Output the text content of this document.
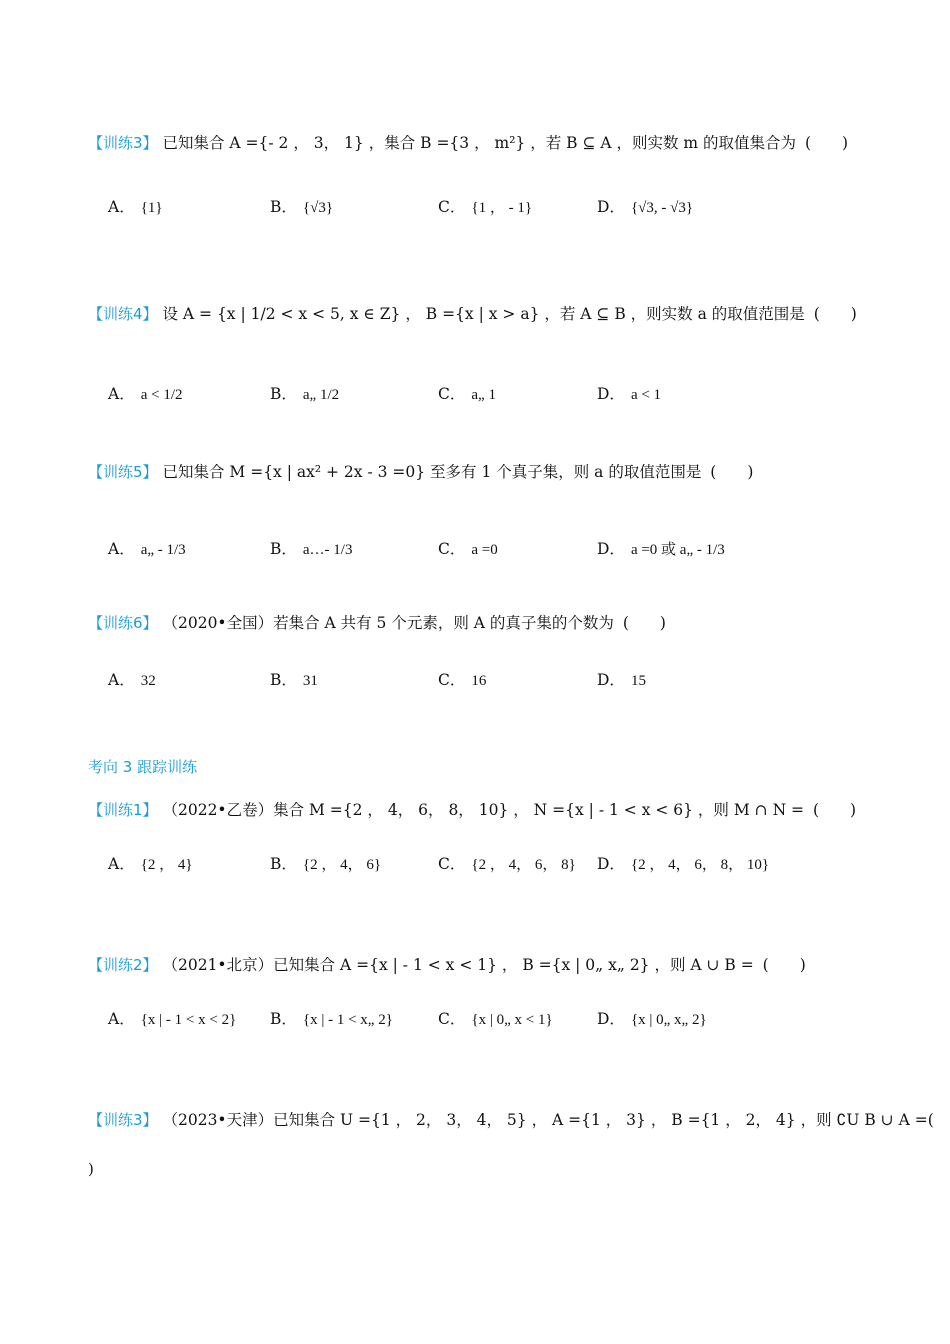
【训练3】 已知集合 A ={- 2 ， 3， 1} ，集合 B ={3 ， m²} ，若 B ⊆ A ，则实数 m 的取值集合为 (　　)
A． {1}	B． {√3}	C． {1 ， - 1}	D． {√3, - √3}
【训练4】 设 A = {x | 1/2 < x < 5, x ∈ Z} ， B ={x | x > a} ，若 A ⊆ B ，则实数 a 的取值范围是 (　　)
A． a < 1/2	B． a„ 1/2	C． a„ 1	D． a < 1
【训练5】 已知集合 M ={x | ax² + 2x - 3 =0} 至多有 1 个真子集，则 a 的取值范围是 (　　)
A． a„ - 1/3	B． a…- 1/3	C． a =0	D． a =0 或 a„ - 1/3
【训练6】 （2020•全国）若集合 A 共有 5 个元素，则 A 的真子集的个数为 (　　)
A． 32	B． 31	C． 16	D． 15
考向 3 跟踪训练
【训练1】 （2022•乙卷）集合 M ={2 ， 4， 6， 8， 10} ， N ={x | - 1 < x < 6} ，则 M ∩ N = (　　)
A． {2 ， 4}	B． {2 ， 4， 6}	C． {2 ， 4， 6， 8} D． {2 ， 4， 6， 8， 10}
【训练2】 （2021•北京）已知集合 A ={x | - 1 < x < 1} ， B ={x | 0„ x„ 2} ，则 A ∪ B = (　　)
A． {x | - 1 < x < 2} B． {x | - 1 < x„ 2}	C． {x | 0„ x < 1}	D． {x | 0„ x„ 2}
【训练3】 （2023•天津）已知集合 U ={1 ， 2， 3， 4， 5} ， A ={1 ， 3} ， B ={1 ， 2， 4} ，则 ∁U B ∪ A =(
)
